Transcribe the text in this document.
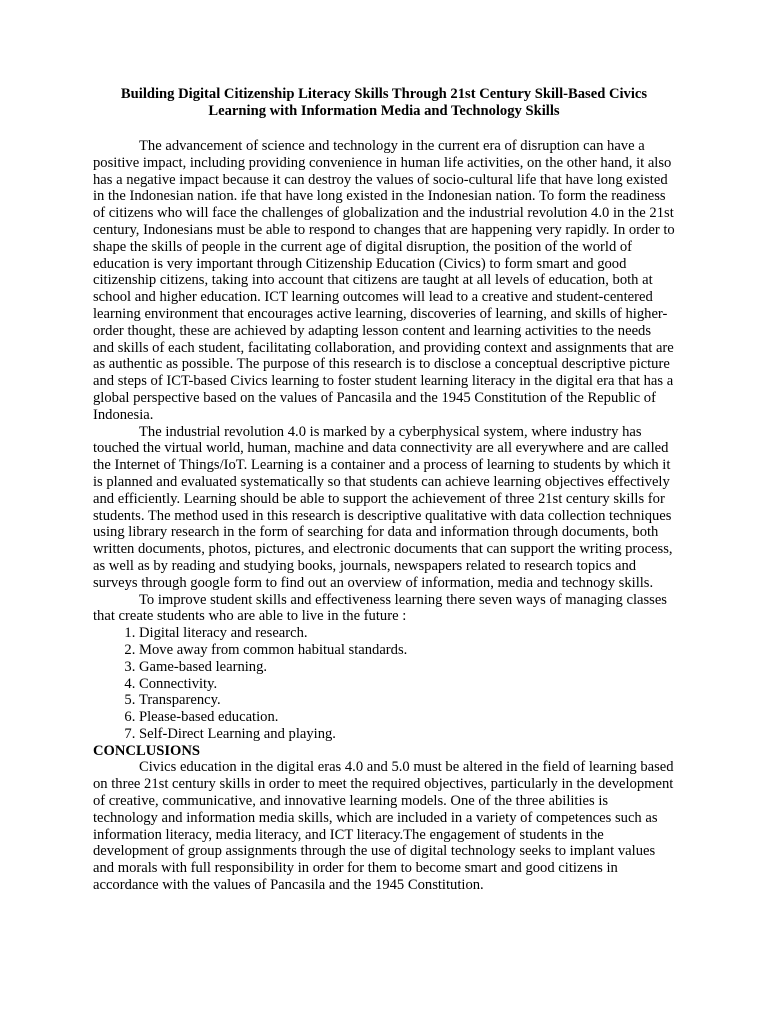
Building Digital Citizenship Literacy Skills Through 21st Century Skill-Based Civics Learning with Information Media and Technology Skills

The advancement of science and technology in the current era of disruption can have a positive impact, including providing convenience in human life activities, on the other hand, it also has a negative impact because it can destroy the values of socio-cultural life that have long existed in the Indonesian nation. ife that have long existed in the Indonesian nation. To form the readiness of citizens who will face the challenges of globalization and the industrial revolution 4.0 in the 21st century, Indonesians must be able to respond to changes that are happening very rapidly. In order to shape the skills of people in the current age of digital disruption, the position of the world of education is very important through Citizenship Education (Civics) to form smart and good citizenship citizens, taking into account that citizens are taught at all levels of education, both at school and higher education. ICT learning outcomes will lead to a creative and student-centered learning environment that encourages active learning, discoveries of learning, and skills of higher-order thought, these are achieved by adapting lesson content and learning activities to the needs and skills of each student, facilitating collaboration, and providing context and assignments that are as authentic as possible. The purpose of this research is to disclose a conceptual descriptive picture and steps of ICT-based Civics learning to foster student learning literacy in the digital era that has a global perspective based on the values of Pancasila and the 1945 Constitution of the Republic of Indonesia.

The industrial revolution 4.0 is marked by a cyberphysical system, where industry has touched the virtual world, human, machine and data connectivity are all everywhere and are called the Internet of Things/IoT. Learning is a container and a process of learning to students by which it is planned and evaluated systematically so that students can achieve learning objectives effectively and efficiently. Learning should be able to support the achievement of three 21st century skills for students. The method used in this research is descriptive qualitative with data collection techniques using library research in the form of searching for data and information through documents, both written documents, photos, pictures, and electronic documents that can support the writing process, as well as by reading and studying books, journals, newspapers related to research topics and surveys through google form to find out an overview of information, media and technogy skills.

To improve student skills and effectiveness learning there seven ways of managing classes that create students who are able to live in the future :

1. Digital literacy and research.
2. Move away from common habitual standards.
3. Game-based learning.
4. Connectivity.
5. Transparency.
6. Please-based education.
7. Self-Direct Learning and playing.

CONCLUSIONS

Civics education in the digital eras 4.0 and 5.0 must be altered in the field of learning based on three 21st century skills in order to meet the required objectives, particularly in the development of creative, communicative, and innovative learning models. One of the three abilities is technology and information media skills, which are included in a variety of competences such as information literacy, media literacy, and ICT literacy.The engagement of students in the development of group assignments through the use of digital technology seeks to implant values and morals with full responsibility in order for them to become smart and good citizens in accordance with the values of Pancasila and the 1945 Constitution.
